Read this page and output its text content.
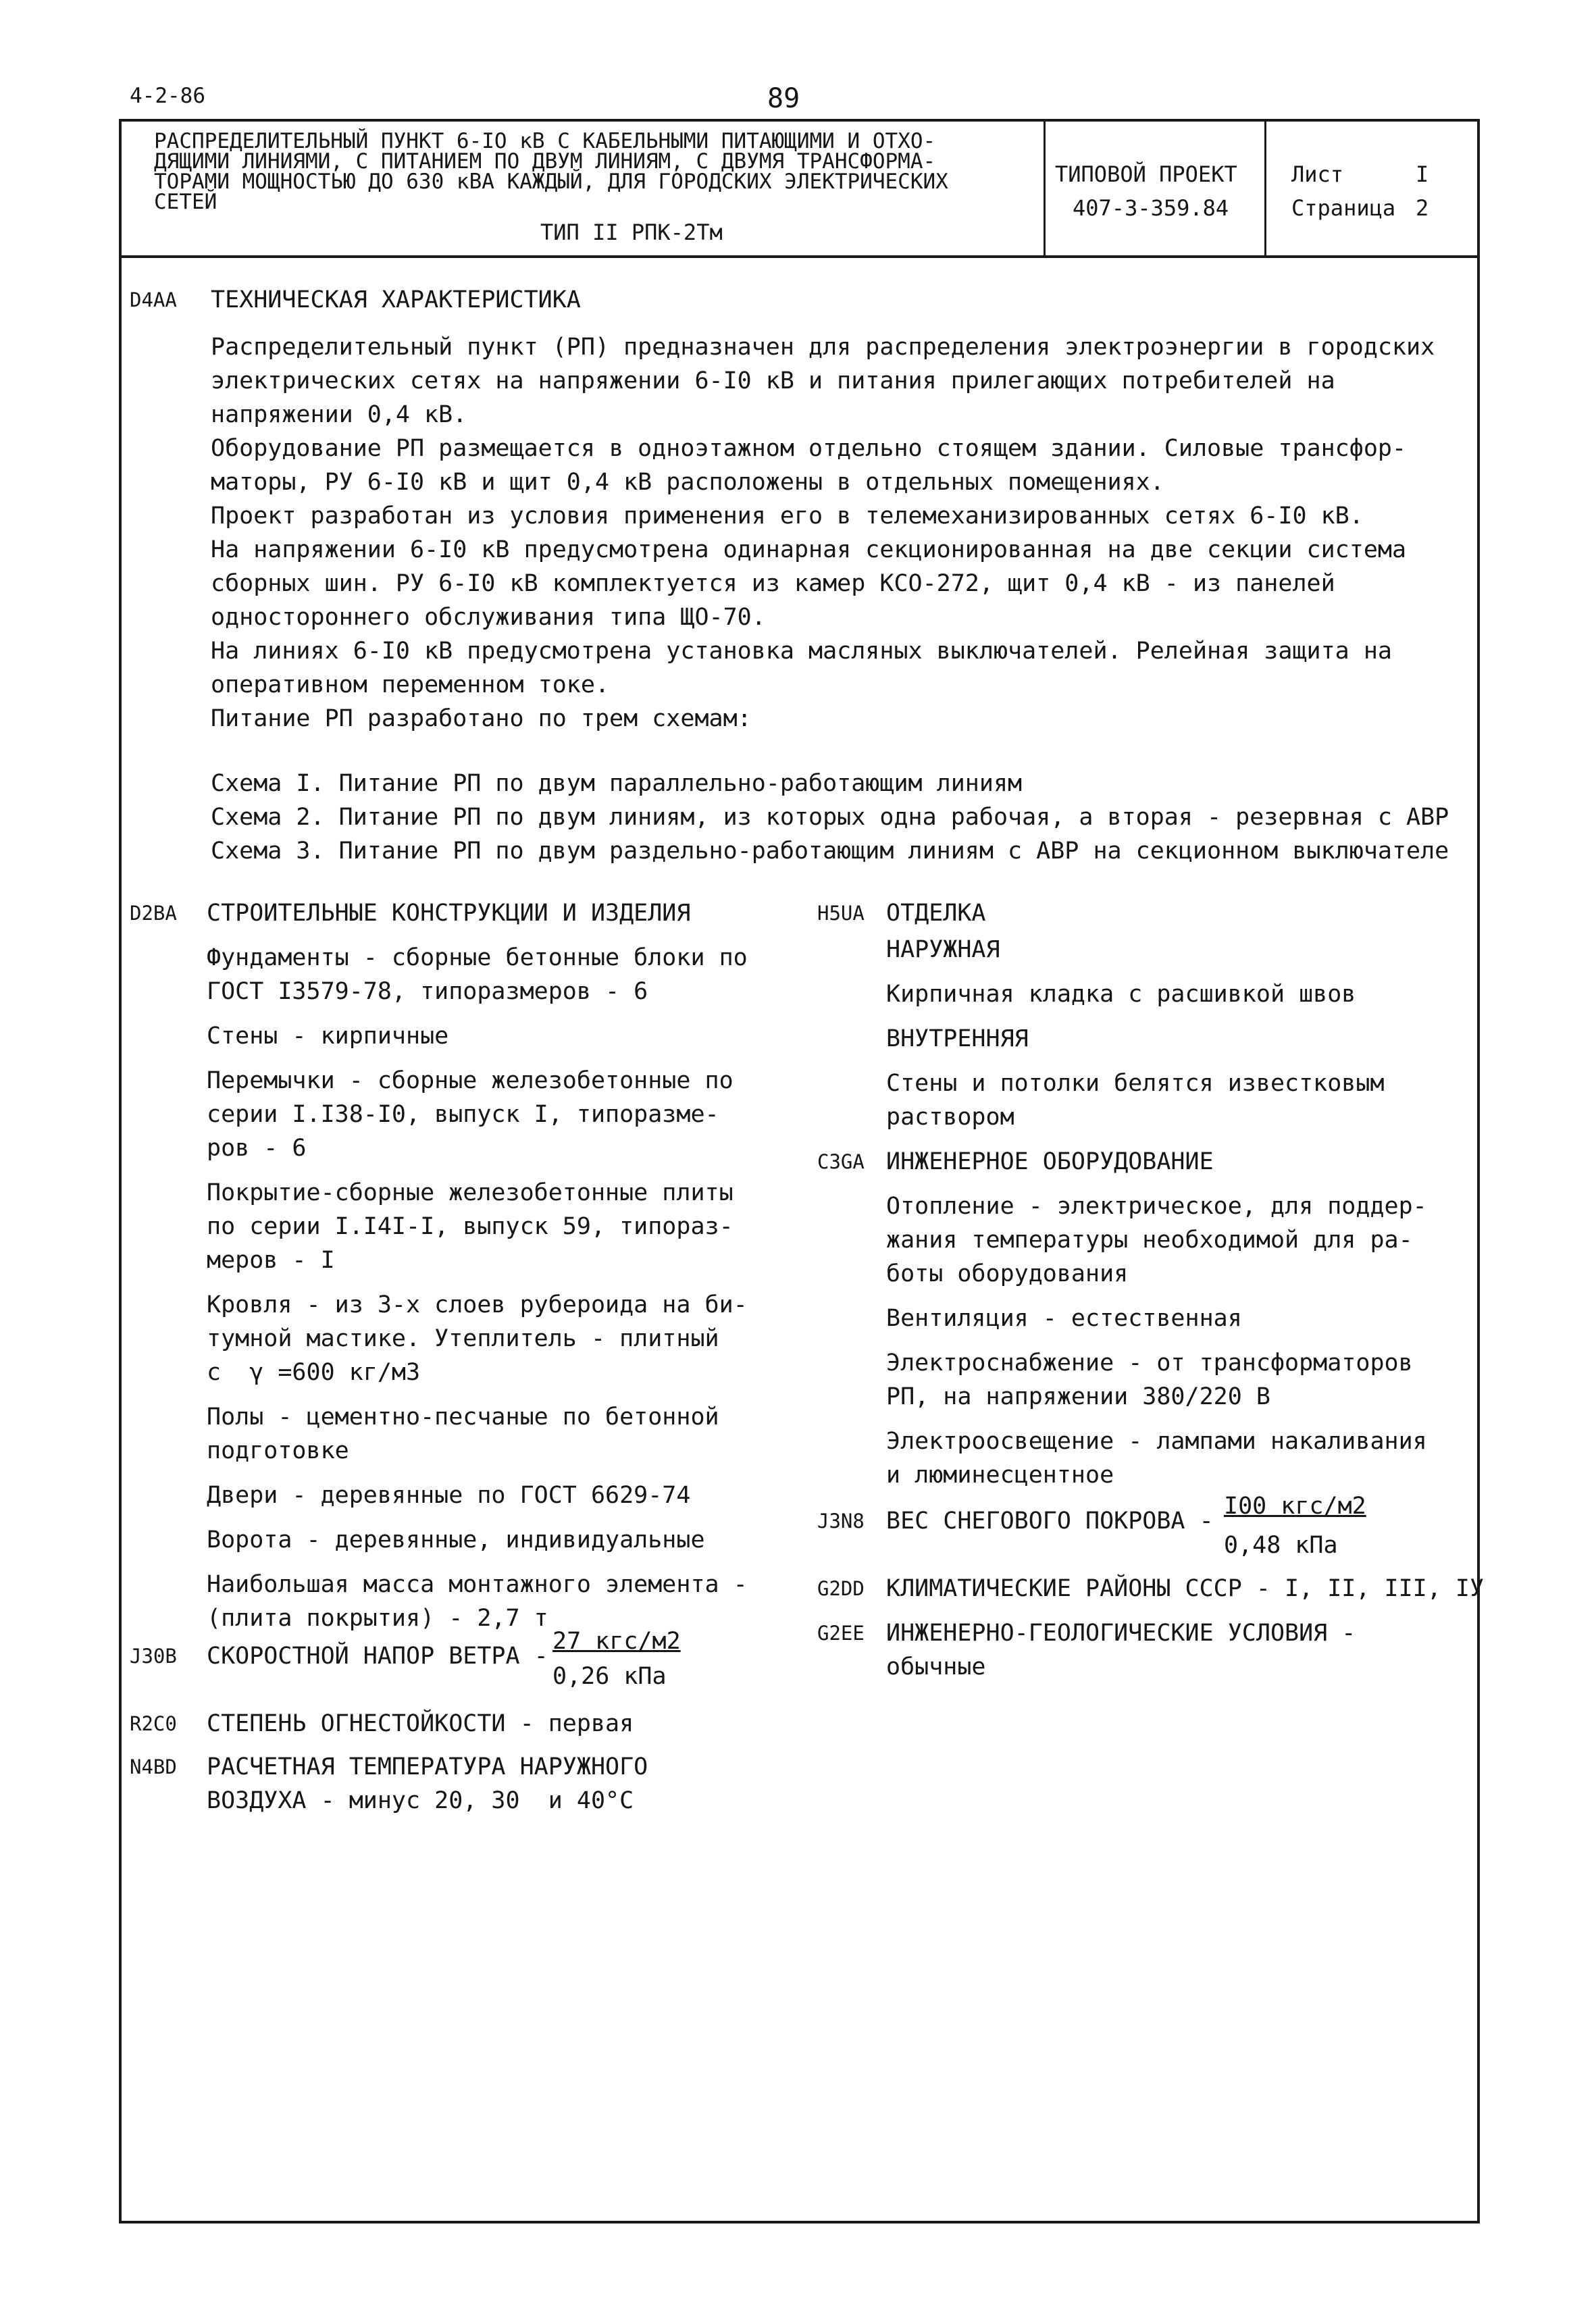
4-2-86	89
РАСПРЕДЕЛИТЕЛЬНЫЙ ПУНКТ 6-IO кВ С КАБЕЛЬНЫМИ ПИТАЮЩИМИ И ОТХО-
ДЯЩИМИ ЛИНИЯМИ, С ПИТАНИЕМ ПО ДВУМ ЛИНИЯМ, С ДВУМЯ ТРАНСФОРМА-
ТОРАМИ МОЩНОСТЬЮ ДО 630 кВА КАЖДЫЙ, ДЛЯ ГОРОДСКИХ ЭЛЕКТРИЧЕСКИХ
СЕТЕЙ
ТИП II РПК-2Тм
ТИПОВОЙ ПРОЕКТ
407-3-359.84
Лист	I
Страница 2
D4AA ТЕХНИЧЕСКАЯ ХАРАКТЕРИСТИКА
Распределительный пункт (РП) предназначен для распределения электроэнергии в городских
электрических сетях на напряжении 6-I0 кВ и питания прилегающих потребителей на
напряжении 0,4 кВ.
Оборудование РП размещается в одноэтажном отдельно стоящем здании. Силовые трансфор-
маторы, РУ 6-I0 кВ и щит 0,4 кВ расположены в отдельных помещениях.
Проект разработан из условия применения его в телемеханизированных сетях 6-I0 кВ.
На напряжении 6-I0 кВ предусмотрена одинарная секционированная на две секции система
сборных шин. РУ 6-I0 кВ комплектуется из камер КСО-272, щит 0,4 кВ - из панелей
одностороннего обслуживания типа ЩО-70.
На линиях 6-I0 кВ предусмотрена установка масляных выключателей. Релейная защита на
оперативном переменном токе.
Питание РП разработано по трем схемам:
Схема I. Питание РП по двум параллельно-работающим линиям
Схема 2. Питание РП по двум линиям, из которых одна рабочая, а вторая - резервная с АВР
Схема 3. Питание РП по двум раздельно-работающим линиям с АВР на секционном выключателе
D2BA СТРОИТЕЛЬНЫЕ КОНСТРУКЦИИ И ИЗДЕЛИЯ
Фундаменты - сборные бетонные блоки по
ГОСТ I3579-78, типоразмеров - 6
Стены - кирпичные
Перемычки - сборные железобетонные по
серии I.I38-I0, выпуск I, типоразме-
ров - 6
Покрытие-сборные железобетонные плиты
по серии I.I4I-I, выпуск 59, типораз-
меров - I
Кровля - из 3-х слоев рубероида на би-
тумной мастике. Утеплитель - плитный
с  γ =600 кг/м3
Полы - цементно-песчаные по бетонной
подготовке
Двери - деревянные по ГОСТ 6629-74
Ворота - деревянные, индивидуальные
Наибольшая масса монтажного элемента -
(плита покрытия) - 2,7 т
J30B СКОРОСТНОЙ НАПОР ВЕТРА -
27 кгс/м2
0,26 кПа
R2C0 СТЕПЕНЬ ОГНЕСТОЙКОСТИ - первая
N4BD РАСЧЕТНАЯ ТЕМПЕРАТУРА НАРУЖНОГО
ВОЗДУХА - минус 20, 30  и 40°С
H5UA ОТДЕЛКА
НАРУЖНАЯ
Кирпичная кладка с расшивкой швов
ВНУТРЕННЯЯ
Стены и потолки белятся известковым
раствором
C3GA ИНЖЕНЕРНОЕ ОБОРУДОВАНИЕ
Отопление - электрическое, для поддер-
жания температуры необходимой для ра-
боты оборудования
Вентиляция - естественная
Электроснабжение - от трансформаторов
РП, на напряжении 380/220 В
Электроосвещение - лампами накаливания
и люминесцентное
J3N8 ВЕС СНЕГОВОГО ПОКРОВА -
I00 кгс/м2
0,48 кПа
G2DD КЛИМАТИЧЕСКИЕ РАЙОНЫ СССР - I, II, III, IУ
G2EE ИНЖЕНЕРНО-ГЕОЛОГИЧЕСКИЕ УСЛОВИЯ -
обычные
